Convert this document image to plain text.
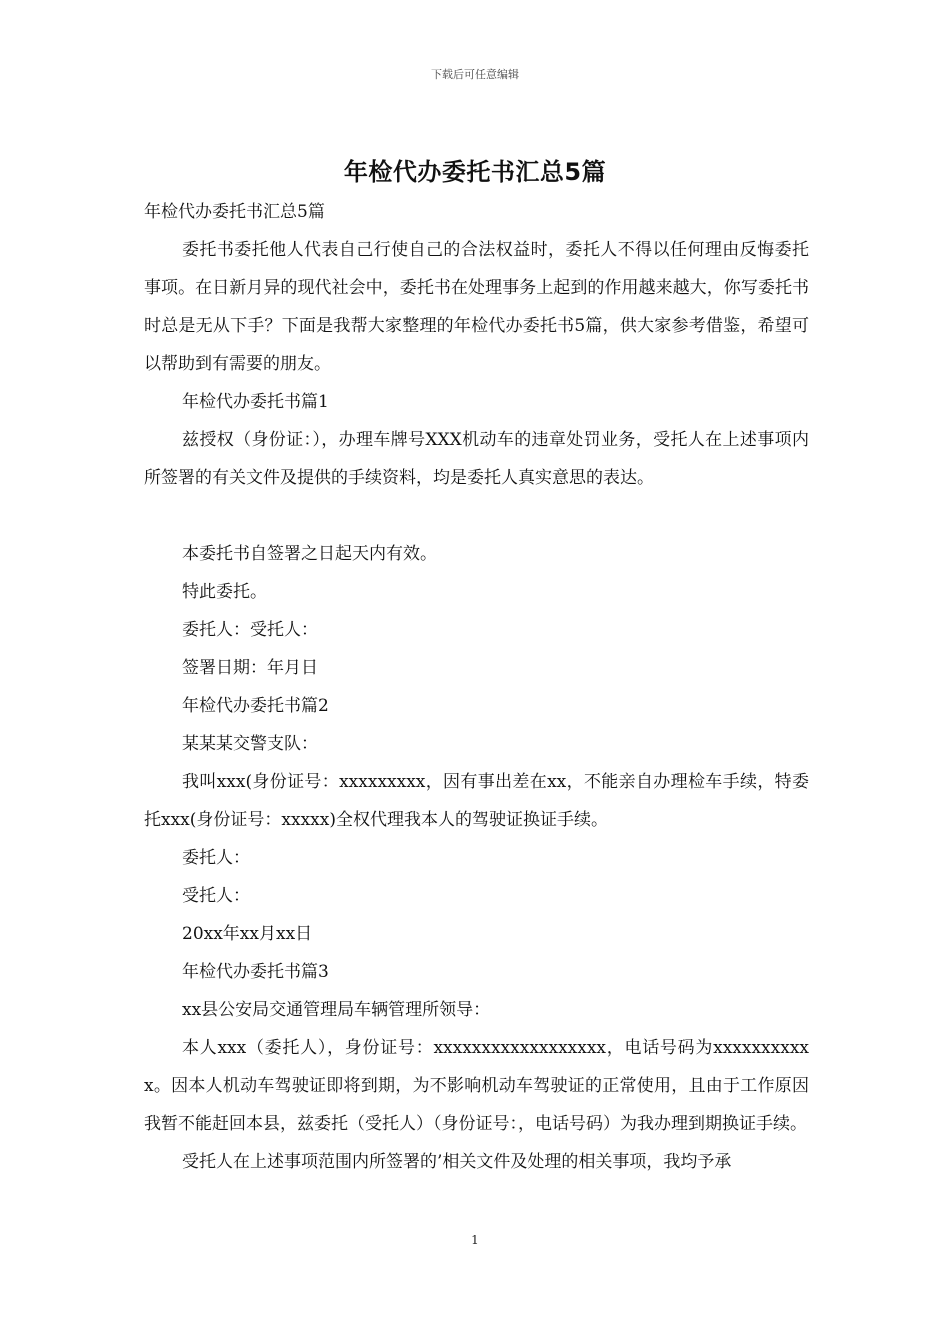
下载后可任意编辑
年检代办委托书汇总5篇

年检代办委托书汇总5篇

委托书委托他人代表自己行使自己的合法权益时，委托人不得以任何理由反悔委托事项。在日新月异的现代社会中，委托书在处理事务上起到的作用越来越大，你写委托书时总是无从下手？下面是我帮大家整理的年检代办委托书5篇，供大家参考借鉴，希望可以帮助到有需要的朋友。

年检代办委托书篇1

兹授权（身份证：），办理车牌号XXX机动车的违章处罚业务，受托人在上述事项内所签署的有关文件及提供的手续资料，均是委托人真实意思的表达。

本委托书自签署之日起天内有效。

特此委托。

委托人：受托人：

签署日期：年月日

年检代办委托书篇2

某某某交警支队：

我叫xxx(身份证号：xxxxxxxxx，因有事出差在xx，不能亲自办理检车手续，特委托xxx(身份证号：xxxxx)全权代理我本人的驾驶证换证手续。

委托人：

受托人：

20xx年xx月xx日

年检代办委托书篇3

xx县公安局交通管理局车辆管理所领导：

本人xxx（委托人），身份证号：xxxxxxxxxxxxxxxxxx，电话号码为xxxxxxxxxxx。因本人机动车驾驶证即将到期，为不影响机动车驾驶证的正常使用，且由于工作原因我暂不能赶回本县，兹委托（受托人）（身份证号：，电话号码）为我办理到期换证手续。

受托人在上述事项范围内所签署的’相关文件及处理的相关事项，我均予承

1
